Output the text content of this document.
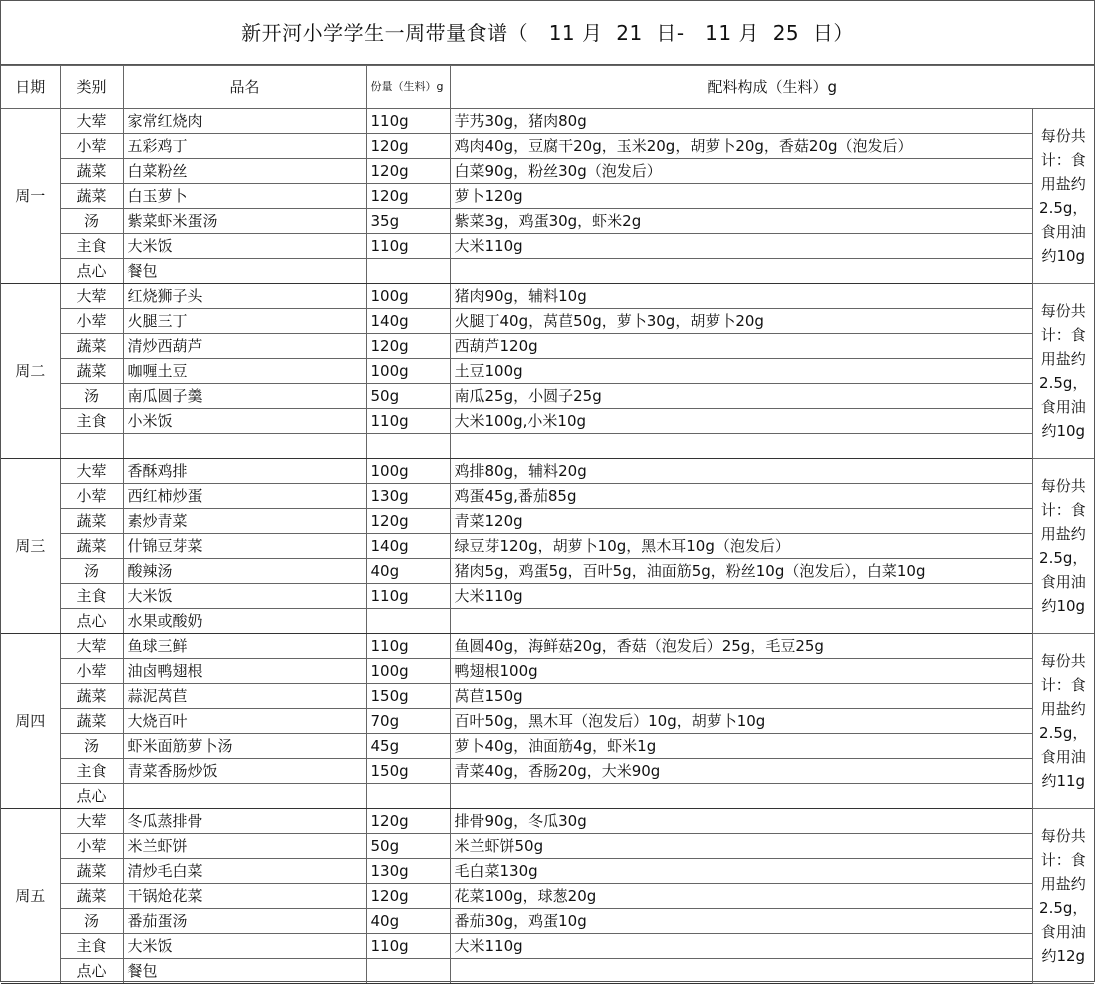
新开河小学学生一周带量食谱（   11 月  21  日-   11 月  25  日）
日期	类别	品名	份量（生料）g	配料构成（生料）g	
周一	大荤	家常红烧肉	110g	芋艿30g，猪肉80g	每份共计：食用盐约2.5g，食用油约10g
	小荤	五彩鸡丁	120g	鸡肉40g，豆腐干20g，玉米20g，胡萝卜20g，香菇20g（泡发后）	
	蔬菜	白菜粉丝	120g	白菜90g，粉丝30g（泡发后）	
	蔬菜	白玉萝卜	120g	萝卜120g	
	汤	紫菜虾米蛋汤	35g	紫菜3g，鸡蛋30g，虾米2g	
	主食	大米饭	110g	大米110g	
	点心	餐包			
周二	大荤	红烧狮子头	100g	猪肉90g，辅料10g	每份共计：食用盐约2.5g，食用油约10g
	小荤	火腿三丁	140g	火腿丁40g，莴苣50g，萝卜30g，胡萝卜20g	
	蔬菜	清炒西葫芦	120g	西葫芦120g	
	蔬菜	咖喱土豆	100g	土豆100g	
	汤	南瓜圆子羹	50g	南瓜25g，小圆子25g	
	主食	小米饭	110g	大米100g,小米10g	

周三	大荤	香酥鸡排	100g	鸡排80g，辅料20g	每份共计：食用盐约2.5g，食用油约10g
	小荤	西红柿炒蛋	130g	鸡蛋45g,番茄85g	
	蔬菜	素炒青菜	120g	青菜120g	
	蔬菜	什锦豆芽菜	140g	绿豆芽120g，胡萝卜10g，黑木耳10g（泡发后）	
	汤	酸辣汤	40g	猪肉5g，鸡蛋5g，百叶5g，油面筋5g，粉丝10g（泡发后），白菜10g	
	主食	大米饭	110g	大米110g	
	点心	水果或酸奶			
周四	大荤	鱼球三鲜	110g	鱼圆40g，海鲜菇20g，香菇（泡发后）25g，毛豆25g	每份共计：食用盐约2.5g，食用油约11g
	小荤	油卤鸭翅根	100g	鸭翅根100g	
	蔬菜	蒜泥莴苣	150g	莴苣150g	
	蔬菜	大烧百叶	70g	百叶50g，黑木耳（泡发后）10g，胡萝卜10g	
	汤	虾米面筋萝卜汤	45g	萝卜40g，油面筋4g，虾米1g	
	主食	青菜香肠炒饭	150g	青菜40g，香肠20g，大米90g	
	点心				
周五	大荤	冬瓜蒸排骨	120g	排骨90g，冬瓜30g	每份共计：食用盐约2.5g，食用油约12g
	小荤	米兰虾饼	50g	米兰虾饼50g	
	蔬菜	清炒毛白菜	130g	毛白菜130g	
	蔬菜	干锅炝花菜	120g	花菜100g，球葱20g	
	汤	番茄蛋汤	40g	番茄30g，鸡蛋10g	
	主食	大米饭	110g	大米110g	
	点心	餐包			
